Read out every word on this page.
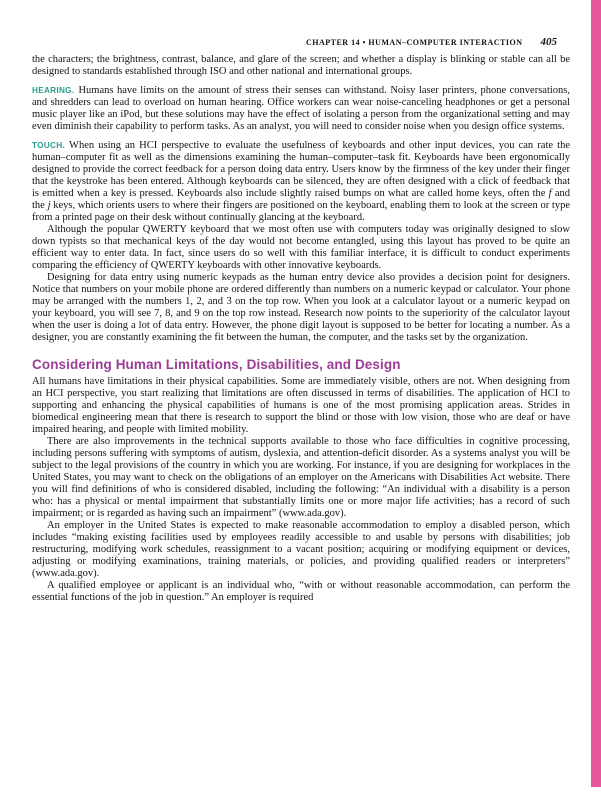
CHAPTER 14 • HUMAN–COMPUTER INTERACTION 405

the characters; the brightness, contrast, balance, and glare of the screen; and whether a display is blinking or stable can all be designed to standards established through ISO and other national and international groups.

HEARING. Humans have limits on the amount of stress their senses can withstand. Noisy laser printers, phone conversations, and shredders can lead to overload on human hearing. Office workers can wear noise-canceling headphones or get a personal music player like an iPod, but these solutions may have the effect of isolating a person from the organizational setting and may even diminish their capability to perform tasks. As an analyst, you will need to consider noise when you design office systems.

TOUCH. When using an HCI perspective to evaluate the usefulness of keyboards and other input devices, you can rate the human–computer fit as well as the dimensions examining the human–computer–task fit. Keyboards have been ergonomically designed to provide the correct feedback for a person doing data entry. Users know by the firmness of the key under their finger that the keystroke has been entered. Although keyboards can be silenced, they are often designed with a click of feedback that is emitted when a key is pressed. Keyboards also include slightly raised bumps on what are called home keys, often the f and the j keys, which orients users to where their fingers are positioned on the keyboard, enabling them to look at the screen or type from a printed page on their desk without continually glancing at the keyboard.

Although the popular QWERTY keyboard that we most often use with computers today was originally designed to slow down typists so that mechanical keys of the day would not become entangled, using this layout has proved to be quite an efficient way to enter data. In fact, since users do so well with this familiar interface, it is difficult to conduct experiments comparing the efficiency of QWERTY keyboards with other innovative keyboards.

Designing for data entry using numeric keypads as the human entry device also provides a decision point for designers. Notice that numbers on your mobile phone are ordered differently than numbers on a numeric keypad or calculator. Your phone may be arranged with the numbers 1, 2, and 3 on the top row. When you look at a calculator layout or a numeric keypad on your keyboard, you will see 7, 8, and 9 on the top row instead. Research now points to the superiority of the calculator layout when the user is doing a lot of data entry. However, the phone digit layout is supposed to be better for locating a number. As a designer, you are constantly examining the fit between the human, the computer, and the tasks set by the organization.

Considering Human Limitations, Disabilities, and Design

All humans have limitations in their physical capabilities. Some are immediately visible, others are not. When designing from an HCI perspective, you start realizing that limitations are often discussed in terms of disabilities. The application of HCI to supporting and enhancing the physical capabilities of humans is one of the most promising application areas. Strides in biomedical engineering mean that there is research to support the blind or those with low vision, those who are deaf or have impaired hearing, and people with limited mobility.

There are also improvements in the technical supports available to those who face difficulties in cognitive processing, including persons suffering with symptoms of autism, dyslexia, and attention-deficit disorder. As a systems analyst you will be subject to the legal provisions of the country in which you are working. For instance, if you are designing for workplaces in the United States, you may want to check on the obligations of an employer on the Americans with Disabilities Act website. There you will find definitions of who is considered disabled, including the following: “An individual with a disability is a person who: has a physical or mental impairment that substantially limits one or more major life activities; has a record of such impairment; or is regarded as having such an impairment” (www.ada.gov).

An employer in the United States is expected to make reasonable accommodation to employ a disabled person, which includes “making existing facilities used by employees readily accessible to and usable by persons with disabilities; job restructuring, modifying work schedules, reassignment to a vacant position; acquiring or modifying equipment or devices, adjusting or modifying examinations, training materials, or policies, and providing qualified readers or interpreters” (www.ada.gov).

A qualified employee or applicant is an individual who, “with or without reasonable accommodation, can perform the essential functions of the job in question.” An employer is required
